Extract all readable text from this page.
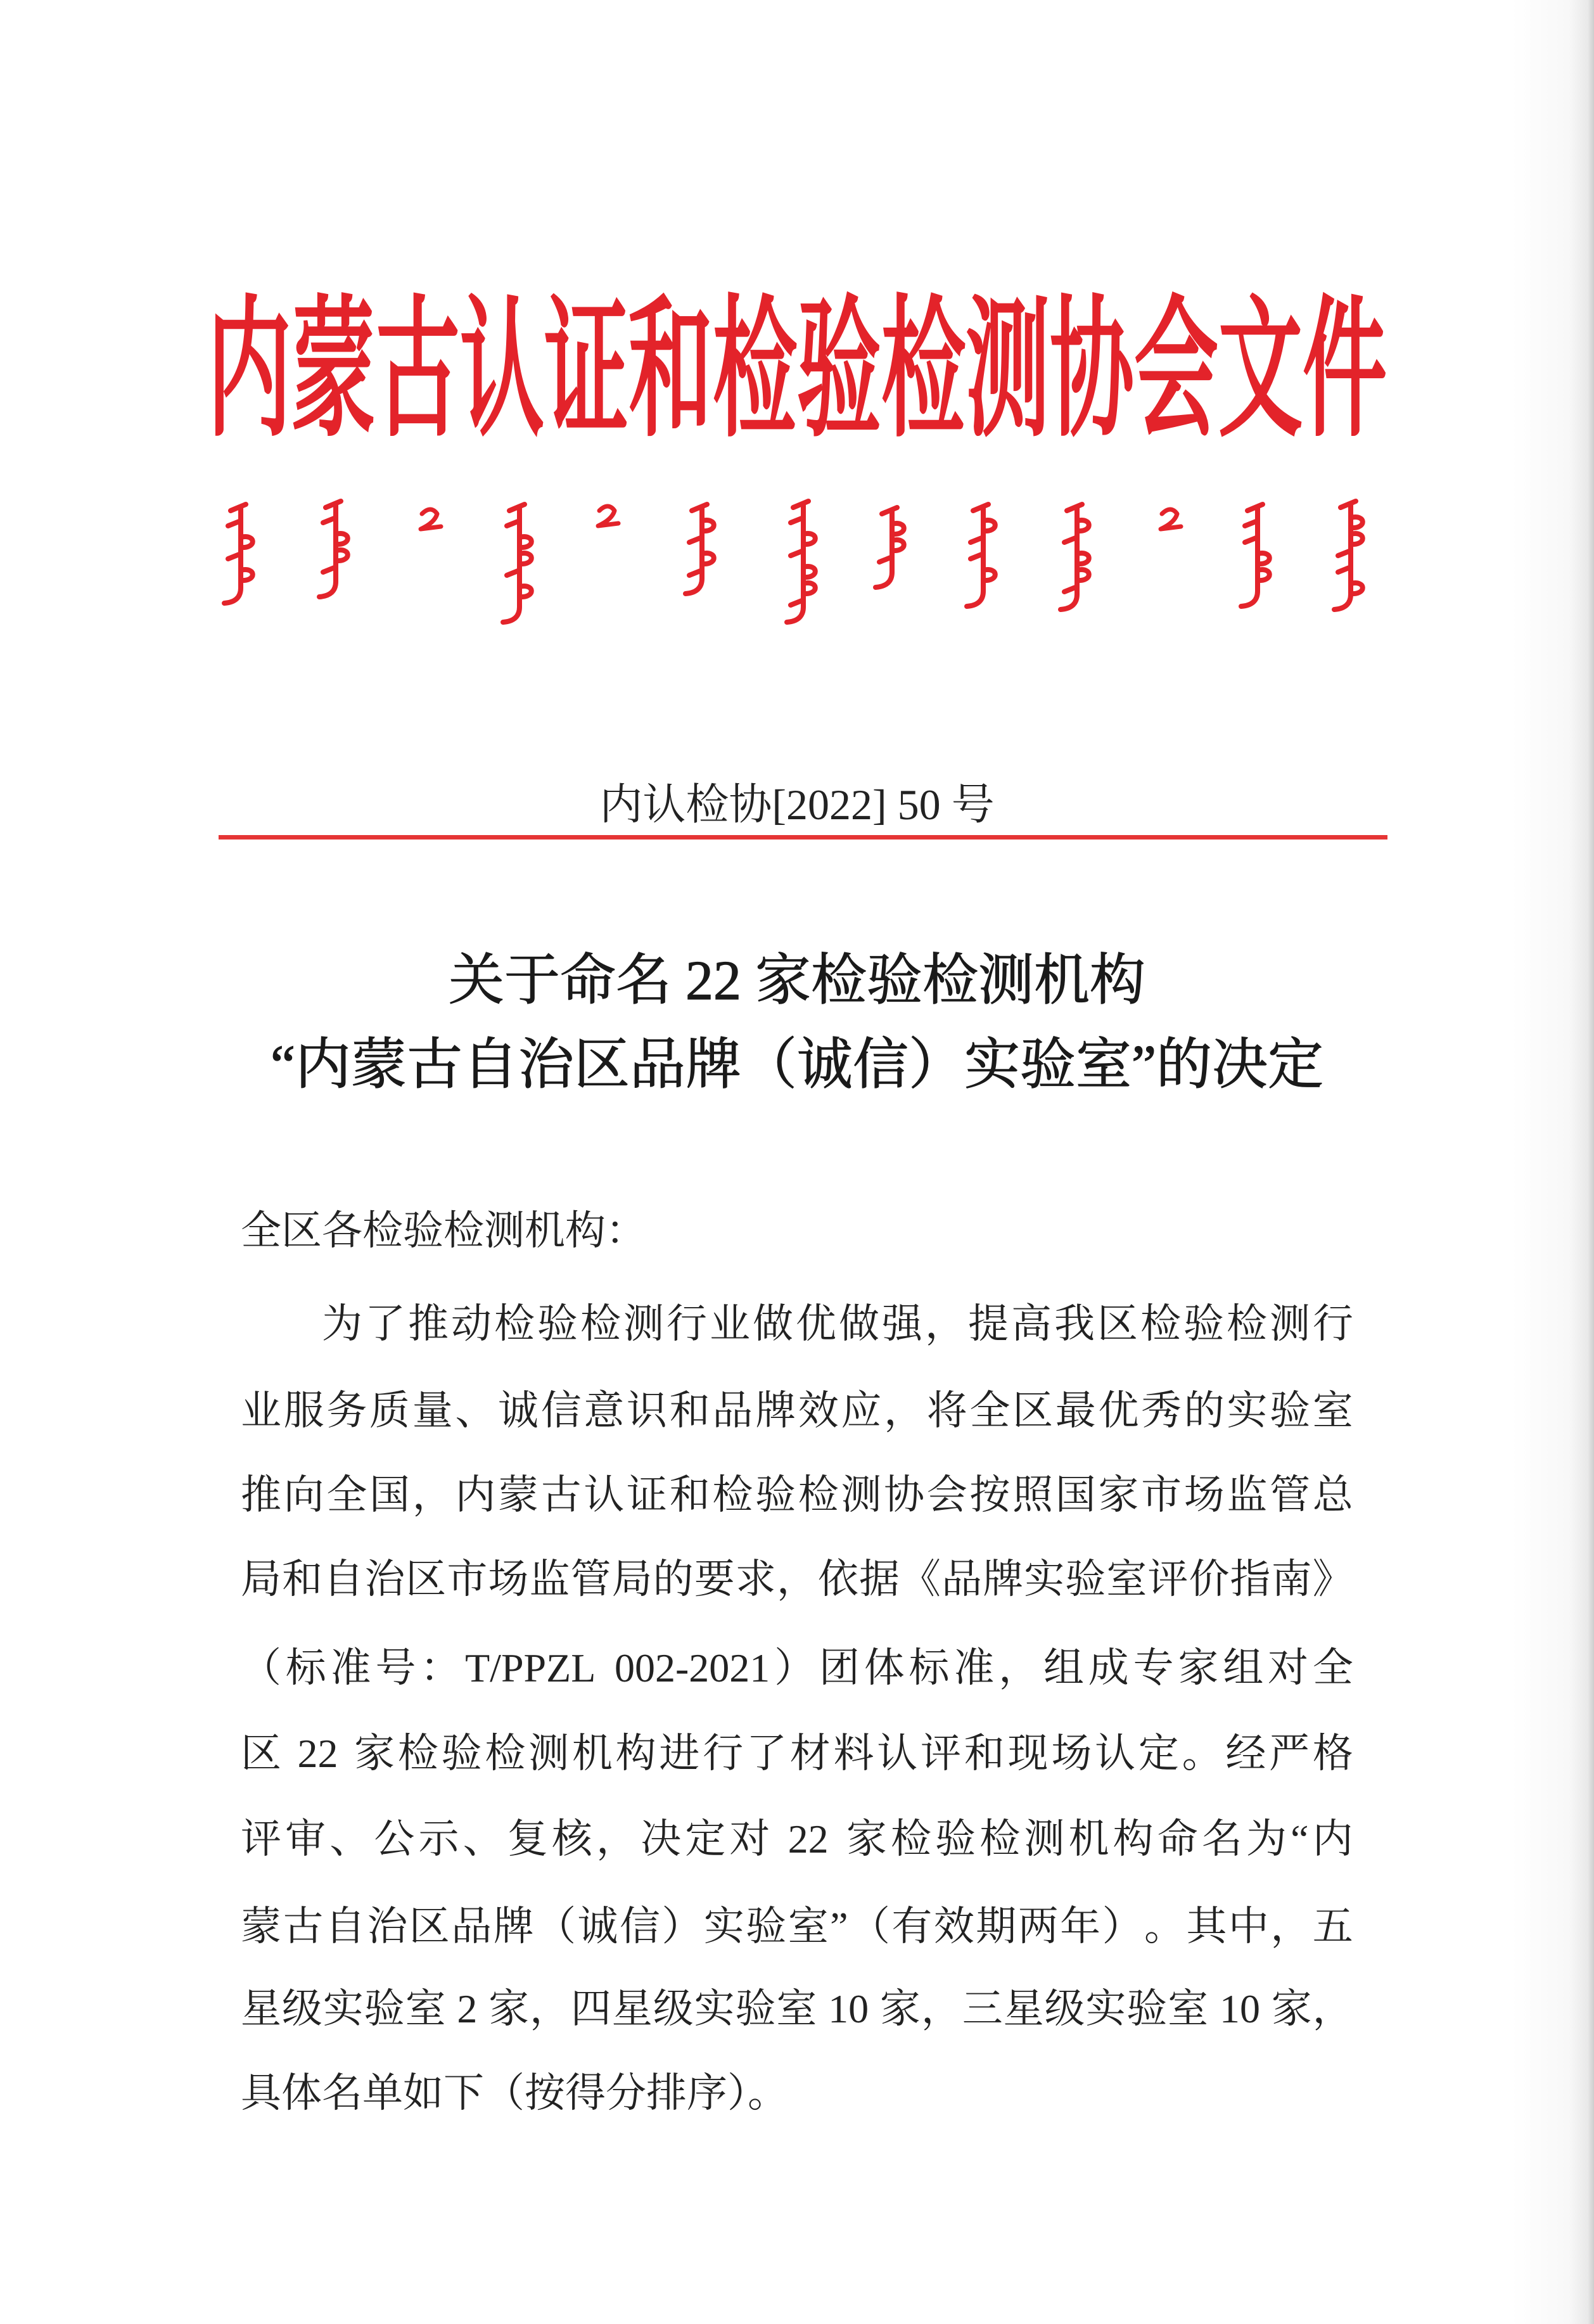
内蒙古认证和检验检测协会文件
内认检协[2022] 50 号
关于命名 22 家检验检测机构
“内蒙古自治区品牌（诚信）实验室”的决定
全区各检验检测机构：
为 了 推 动 检 验 检 测 行 业 做 优 做 强 ， 提 高 我 区 检 验 检 测 行
业 服 务 质 量 、 诚 信 意 识 和 品 牌 效 应 ， 将 全 区 最 优 秀 的 实 验 室
推 向 全 国 ， 内 蒙 古 认 证 和 检 验 检 测 协 会 按 照 国 家 市 场 监 管 总
局 和 自 治 区 市 场 监 管 局 的 要 求 ， 依 据 《 品 牌 实 验 室 评 价 指 南 》
（ 标 准 号 ： T/PPZL
002-2021 ） 团 体 标 准 ， 组 成 专 家 组 对 全
区
22
家 检 验 检 测 机 构 进 行 了 材 料 认 评 和 现 场 认 定 。 经 严 格
评 审 、 公 示 、 复 核 ， 决 定 对
22
家 检 验 检 测 机 构 命 名 为 “ 内
蒙 古 自 治 区 品 牌 （ 诚 信 ） 实 验 室 ” （ 有 效 期 两 年 ） 。 其 中 ， 五
星 级 实 验 室
2
家 ， 四 星 级 实 验 室
10
家 ， 三 星 级 实 验 室
10
家 ，
具体名单如下（按得分排序）。
